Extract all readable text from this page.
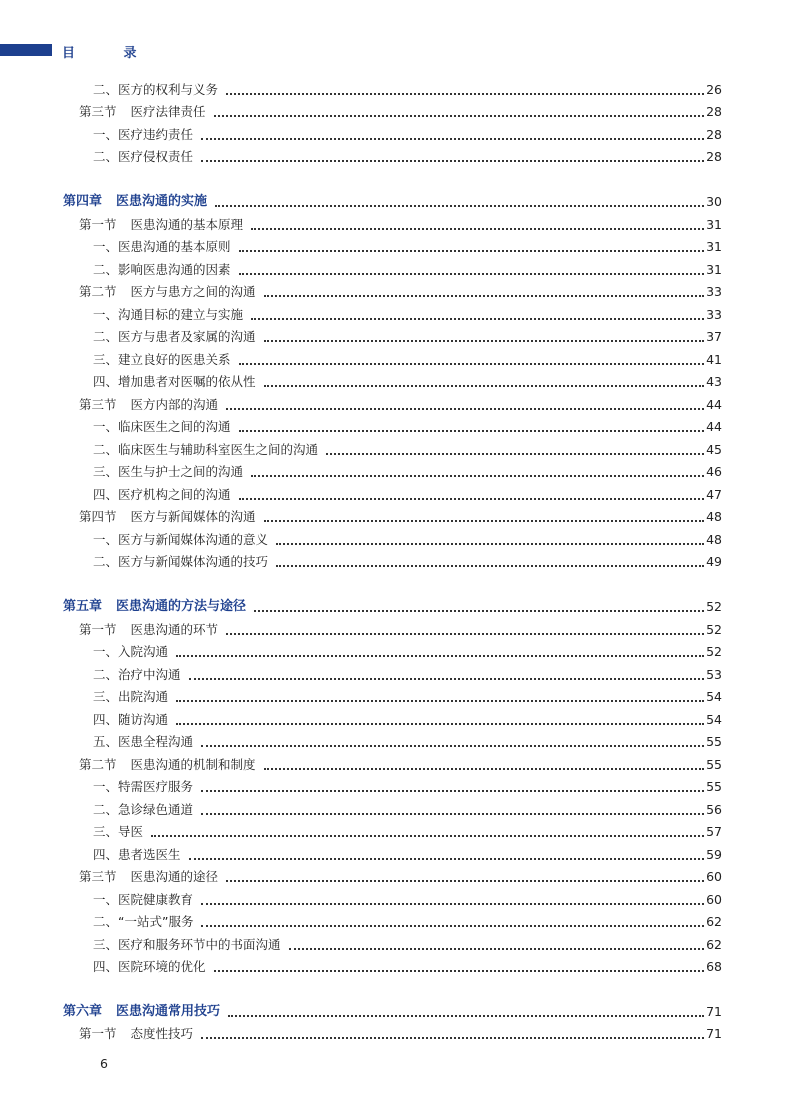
目 录
二、医方的权利与义务	26
第三节 医疗法律责任	28
一、医疗违约责任	28
二、医疗侵权责任	28
第四章 医患沟通的实施	30
第一节 医患沟通的基本原理	31
一、医患沟通的基本原则	31
二、影响医患沟通的因素	31
第二节 医方与患方之间的沟通	33
一、沟通目标的建立与实施	33
二、医方与患者及家属的沟通	37
三、建立良好的医患关系	41
四、增加患者对医嘱的依从性	43
第三节 医方内部的沟通	44
一、临床医生之间的沟通	44
二、临床医生与辅助科室医生之间的沟通	45
三、医生与护士之间的沟通	46
四、医疗机构之间的沟通	47
第四节 医方与新闻媒体的沟通	48
一、医方与新闻媒体沟通的意义	48
二、医方与新闻媒体沟通的技巧	49
第五章 医患沟通的方法与途径	52
第一节 医患沟通的环节	52
一、入院沟通	52
二、治疗中沟通	53
三、出院沟通	54
四、随访沟通	54
五、医患全程沟通	55
第二节 医患沟通的机制和制度	55
一、特需医疗服务	55
二、急诊绿色通道	56
三、导医	57
四、患者选医生	59
第三节 医患沟通的途径	60
一、医院健康教育	60
二、“一站式”服务	62
三、医疗和服务环节中的书面沟通	62
四、医院环境的优化	68
第六章 医患沟通常用技巧	71
第一节 态度性技巧	71
6
